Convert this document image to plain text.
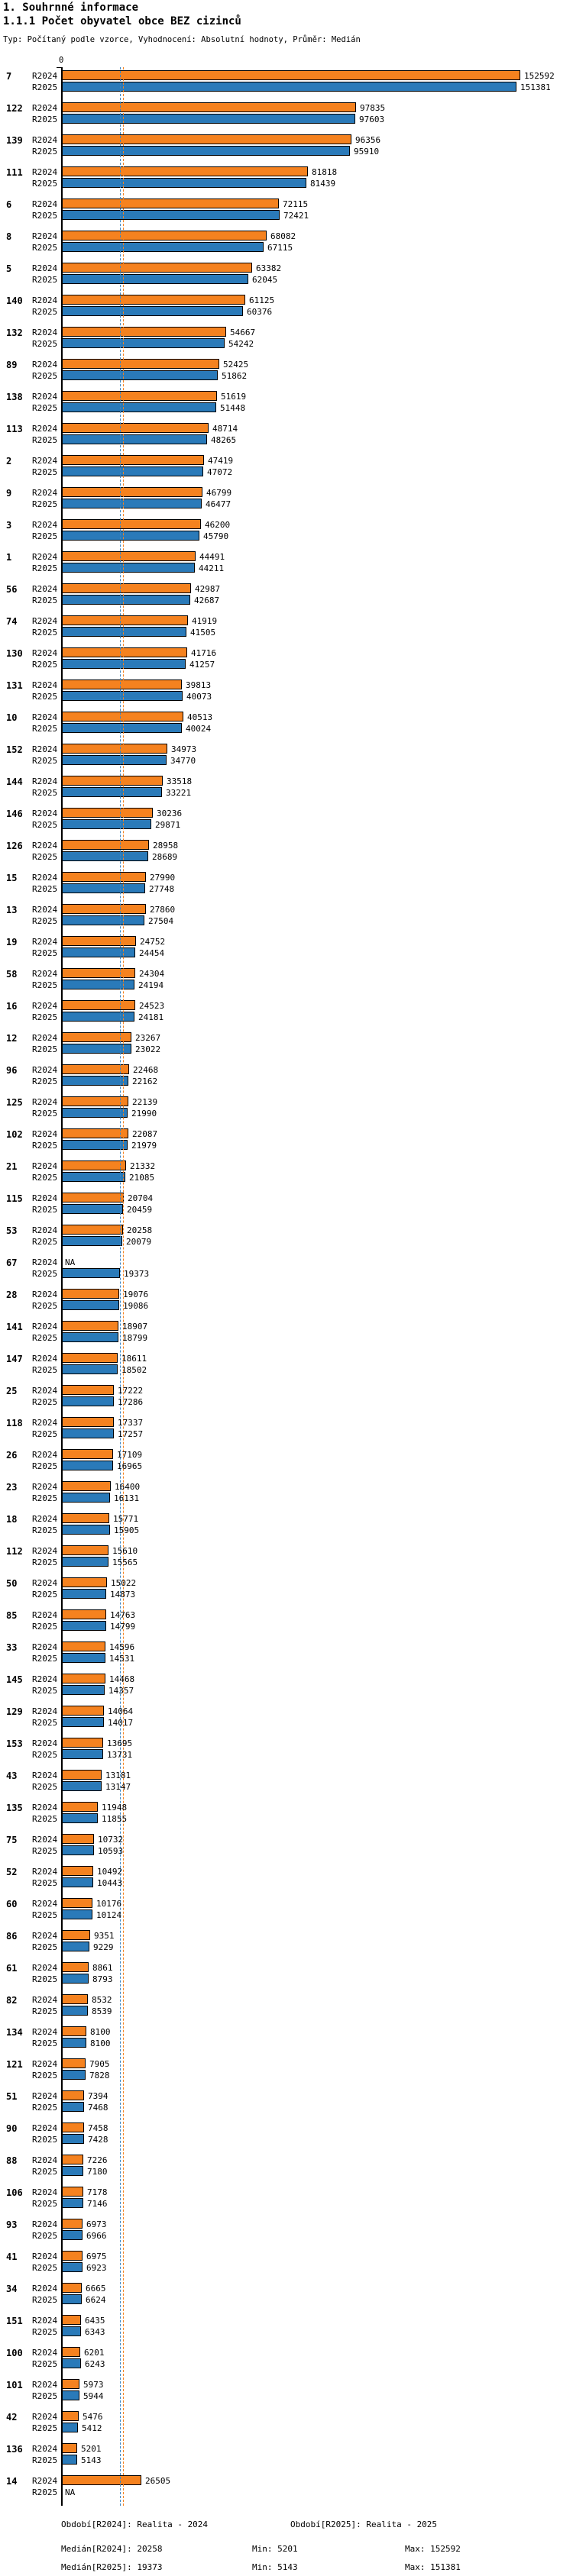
1. Souhrnné informace
1.1.1 Počet obyvatel obce BEZ cizinců
Typ: Počítaný podle vzorce, Vyhodnocení: Absolutní hodnoty, Průměr: Medián
0
7 R2024	152592
R2025	151381
122 R2024	97835
R2025	97603
139 R2024	96356
R2025	95910
111 R2024	81818
R2025	81439
6 R2024	72115
R2025	72421
8 R2024	68082
R2025	67115
5 R2024	63382
R2025	62045
140 R2024	61125
R2025	60376
132 R2024	54667
R2025	54242
89 R2024	52425
R2025	51862
138 R2024	51619
R2025	51448
113 R2024	48714
R2025	48265
2 R2024	47419
R2025	47072
9 R2024	46799
R2025	46477
3 R2024	46200
R2025	45790
1 R2024	44491
R2025	44211
56 R2024	42987
R2025	42687
74 R2024	41919
R2025	41505
130 R2024	41716
R2025	41257
131 R2024	39813
R2025	40073
10 R2024	40513
R2025	40024
152 R2024	34973
R2025	34770
144 R2024	33518
R2025	33221
146 R2024	30236
R2025	29871
126 R2024	28958
R2025	28689
15 R2024	27990
R2025	27748
13 R2024	27860
R2025	27504
19 R2024	24752
R2025	24454
58 R2024	24304
R2025	24194
16 R2024	24523
R2025	24181
12 R2024	23267
R2025	23022
96 R2024	22468
R2025	22162
125 R2024	22139
R2025	21990
102 R2024	22087
R2025	21979
21 R2024	21332
R2025	21085
115 R2024	20704
R2025	20459
53 R2024	20258
R2025	20079
67 R2024 NA
R2025	19373
28 R2024	19076
R2025	19086
141 R2024	18907
R2025	18799
147 R2024	18611
R2025	18502
25 R2024	17222
R2025	17286
118 R2024	17337
R2025	17257
26 R2024	17109
R2025	16965
23 R2024	16400
R2025	16131
18 R2024	15771
R2025	15905
112 R2024	15610
R2025	15565
50 R2024	15022
R2025	14873
85 R2024	14763
R2025	14799
33 R2024	14596
R2025	14531
145 R2024	14468
R2025	14357
129 R2024	14064
R2025	14017
153 R2024	13695
R2025	13731
43 R2024	13181
R2025	13147
135 R2024	11948
R2025	11855
75 R2024	10732
R2025	10593
52 R2024	10492
R2025	10443
60 R2024	10176
R2025	10124
86 R2024	9351
R2025	9229
61 R2024	8861
R2025	8793
82 R2024	8532
R2025	8539
134 R2024	8100
R2025	8100
121 R2024	7905
R2025	7828
51 R2024	7394
R2025	7468
90 R2024	7458
R2025	7428
88 R2024	7226
R2025	7180
106 R2024	7178
R2025	7146
93 R2024	6973
R2025	6966
41 R2024	6975
R2025	6923
34 R2024	6665
R2025	6624
151 R2024	6435
R2025	6343
100 R2024	6201
R2025	6243
101 R2024	5973
R2025	5944
42 R2024	5476
R2025	5412
136 R2024	5201
R2025	5143
14 R2024	26505
R2025 NA
Období[R2024]: Realita - 2024	Období[R2025]: Realita - 2025
Medián[R2024]: 20258	Min: 5201	Max: 152592
Medián[R2025]: 19373	Min: 5143	Max: 151381
